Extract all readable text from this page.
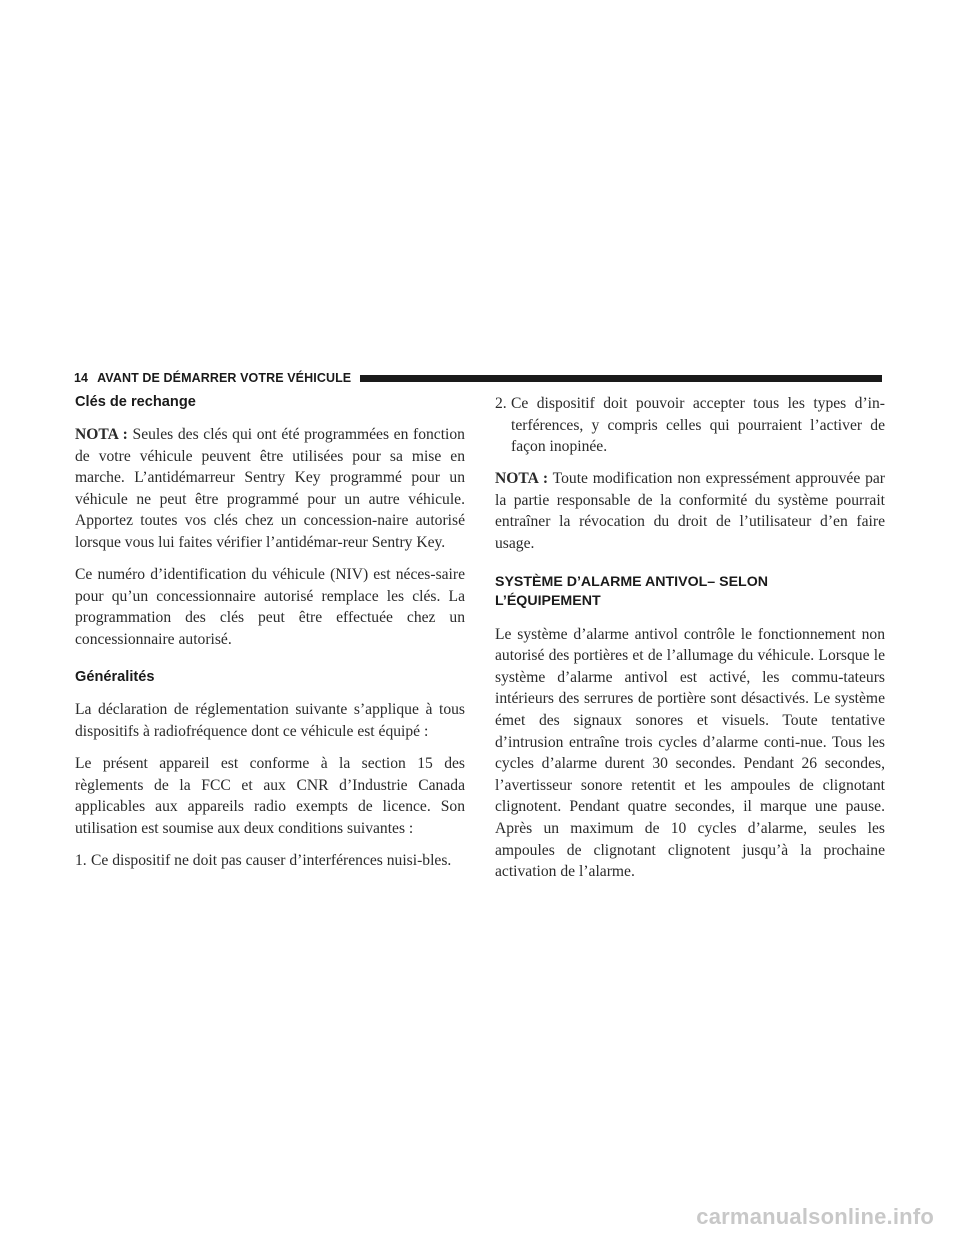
14 AVANT DE DÉMARRER VOTRE VÉHICULE
Clés de rechange

NOTA : Seules des clés qui ont été programmées en fonction de votre véhicule peuvent être utilisées pour sa mise en marche. L’antidémarreur Sentry Key programmé pour un véhicule ne peut être programmé pour un autre véhicule. Apportez toutes vos clés chez un concession-naire autorisé lorsque vous lui faites vérifier l’antidémar-reur Sentry Key.

Ce numéro d’identification du véhicule (NIV) est néces-saire pour qu’un concessionnaire autorisé remplace les clés. La programmation des clés peut être effectuée chez un concessionnaire autorisé.

Généralités

La déclaration de réglementation suivante s’applique à tous dispositifs à radiofréquence dont ce véhicule est équipé :

Le présent appareil est conforme à la section 15 des règlements de la FCC et aux CNR d’Industrie Canada applicables aux appareils radio exempts de licence. Son utilisation est soumise aux deux conditions suivantes :

1. Ce dispositif ne doit pas causer d’interférences nuisi-bles.
2. Ce dispositif doit pouvoir accepter tous les types d’in-terférences, y compris celles qui pourraient l’activer de façon inopinée.

NOTA : Toute modification non expressément approuvée par la partie responsable de la conformité du système pourrait entraîner la révocation du droit de l’utilisateur d’en faire usage.

SYSTÈME D’ALARME ANTIVOL– SELON
L’ÉQUIPEMENT

Le système d’alarme antivol contrôle le fonctionnement non autorisé des portières et de l’allumage du véhicule. Lorsque le système d’alarme antivol est activé, les commu-tateurs intérieurs des serrures de portière sont désactivés. Le système émet des signaux sonores et visuels. Toute tentative d’intrusion entraîne trois cycles d’alarme conti-nue. Tous les cycles d’alarme durent 30 secondes. Pendant 26 secondes, l’avertisseur sonore retentit et les ampoules de clignotant clignotent. Pendant quatre secondes, il marque une pause. Après un maximum de 10 cycles d’alarme, seules les ampoules de clignotant clignotent jusqu’à la prochaine activation de l’alarme.

carmanualsonline.info
